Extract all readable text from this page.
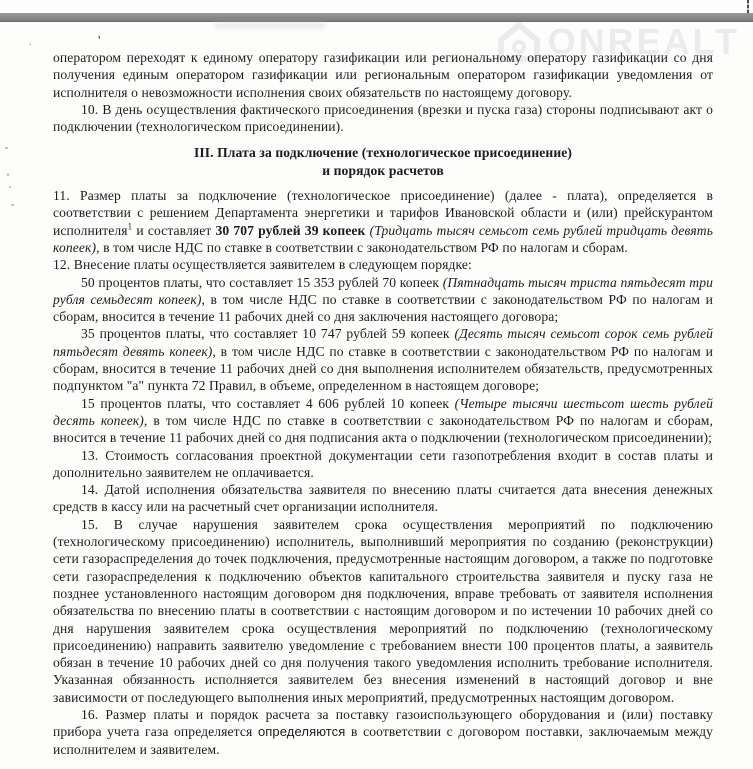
ONREALT

оператором переходят к единому оператору газификации или региональному оператору газификации со дня получения единым оператором газификации или региональным оператором газификации уведомления от исполнителя о невозможности исполнения своих обязательств по настоящему договору.

10. В день осуществления фактического присоединения (врезки и пуска газа) стороны подписывают акт о подключении (технологическом присоединении).

III. Плата за подключение (технологическое присоединение)
и порядок расчетов

11. Размер платы за подключение (технологическое присоединение) (далее - плата), определяется в соответствии с решением Департамента энергетики и тарифов Ивановской области и (или) прейскурантом исполнителя$^1$ и составляет 30 707 рублей 39 копеек (Тридцать тысяч семьсот семь рублей тридцать девять копеек), в том числе НДС по ставке в соответствии с законодательством РФ по налогам и сборам.

12. Внесение платы осуществляется заявителем в следующем порядке:

50 процентов платы, что составляет 15 353 рублей 70 копеек (Пятнадцать тысяч триста пятьдесят три рубля семьдесят копеек), в том числе НДС по ставке в соответствии с законодательством РФ по налогам и сборам, вносится в течение 11 рабочих дней со дня заключения настоящего договора;

35 процентов платы, что составляет 10 747 рублей 59 копеек (Десять тысяч семьсот сорок семь рублей пятьдесят девять копеек), в том числе НДС по ставке в соответствии с законодательством РФ по налогам и сборам, вносится в течение 11 рабочих дней со дня выполнения исполнителем обязательств, предусмотренных подпунктом "а" пункта 72 Правил, в объеме, определенном в настоящем договоре;

15 процентов платы, что составляет 4 606 рублей 10 копеек (Четыре тысячи шестьсот шесть рублей десять копеек), в том числе НДС по ставке в соответствии с законодательством РФ по налогам и сборам, вносится в течение 11 рабочих дней со дня подписания акта о подключении (технологическом присоединении);

13. Стоимость согласования проектной документации сети газопотребления входит в состав платы и дополнительно заявителем не оплачивается.

14. Датой исполнения обязательства заявителя по внесению платы считается дата внесения денежных средств в кассу или на расчетный счет организации исполнителя.

15. В случае нарушения заявителем срока осуществления мероприятий по подключению (технологическому присоединению) исполнитель, выполнивший мероприятия по созданию (реконструкции) сети газораспределения до точек подключения, предусмотренные настоящим договором, а также по подготовке сети газораспределения к подключению объектов капитального строительства заявителя и пуску газа не позднее установленного настоящим договором дня подключения, вправе требовать от заявителя исполнения обязательства по внесению платы в соответствии с настоящим договором и по истечении 10 рабочих дней со дня нарушения заявителем срока осуществления мероприятий по подключению (технологическому присоединению) направить заявителю уведомление с требованием внести 100 процентов платы, а заявитель обязан в течение 10 рабочих дней со дня получения такого уведомления исполнить требование исполнителя. Указанная обязанность исполняется заявителем без внесения изменений в настоящий договор и вне зависимости от последующего выполнения иных мероприятий, предусмотренных настоящим договором.

16. Размер платы и порядок расчета за поставку газоиспользующего оборудования и (или) поставку прибора учета газа определяется определяются в соответствии с договором поставки, заключаемым между исполнителем и заявителем.

'
.
